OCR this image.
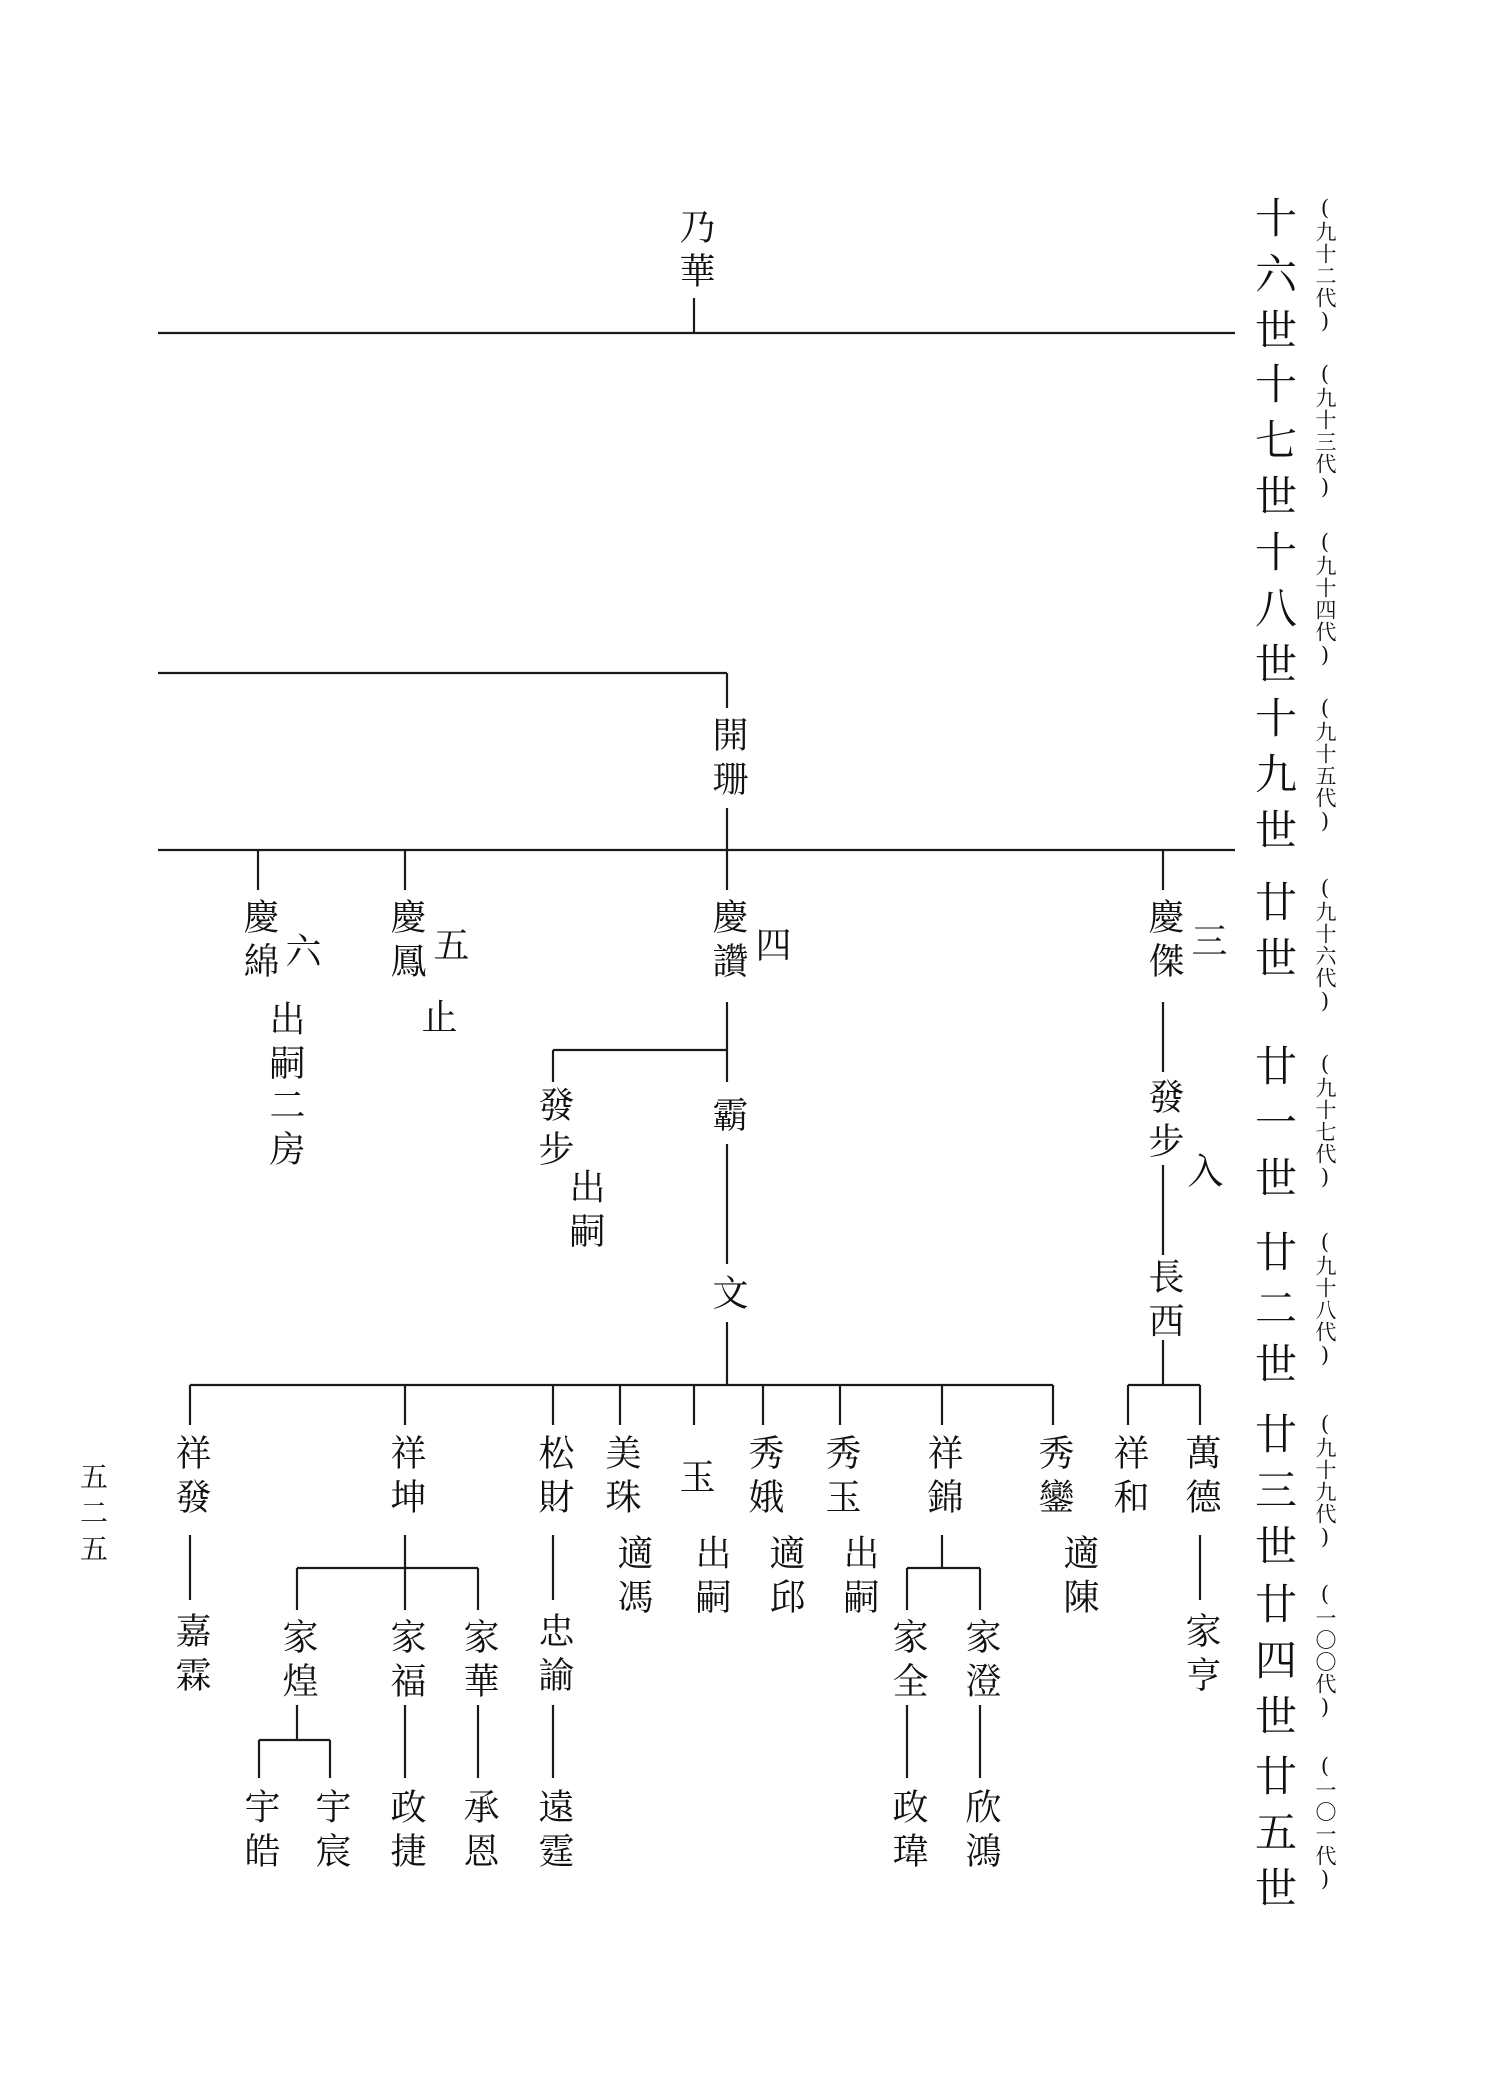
十六世 (九十二代)
十七世 (九十三代)
十八世 (九十四代)
十九世 (九十五代)
廿世 (九十六代)
廿一世 (九十七代)
廿二世 (九十八代)
廿三世 (九十九代)
廿四世 (一〇〇代)
廿五世 (一〇一代)
五二五
乃華
開珊
慶綿 六
出嗣
二房
慶鳳 五
止
慶讚 四	慶傑 三
發步
出嗣
霸	發步
入
文	長西
祥發	祥坤	松財 美珠
適馮
玉
出嗣
秀娥
適邱
秀玉
出嗣
祥錦 秀鑾
適陳
祥和 萬德
嘉霖 家煌 家福 家華 忠諭	家全 家澄	家亨
宇皓 宇宸 政捷 承恩 遠霆	政瑋 欣鴻
